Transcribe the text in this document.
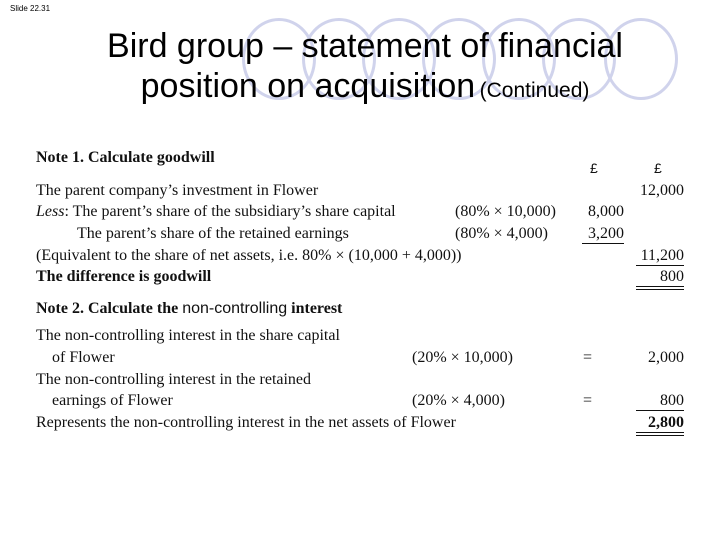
Slide 22.31
Bird group – statement of financial
position on acquisition (Continued)
Note 1. Calculate goodwill
£	£
The parent company’s investment in Flower	12,000
Less: The parent’s share of the subsidiary’s share capital	(80% × 10,000)	8,000
The parent’s share of the retained earnings	(80% × 4,000)	3,200
(Equivalent to the share of net assets, i.e. 80% × (10,000 + 4,000))	11,200
The difference is goodwill	800
Note 2. Calculate the non-controlling interest
The non-controlling interest in the share capital
of Flower	(20% × 10,000)	=	2,000
The non-controlling interest in the retained
earnings of Flower	(20% × 4,000)	=	800
Represents the non-controlling interest in the net assets of Flower	2,800
